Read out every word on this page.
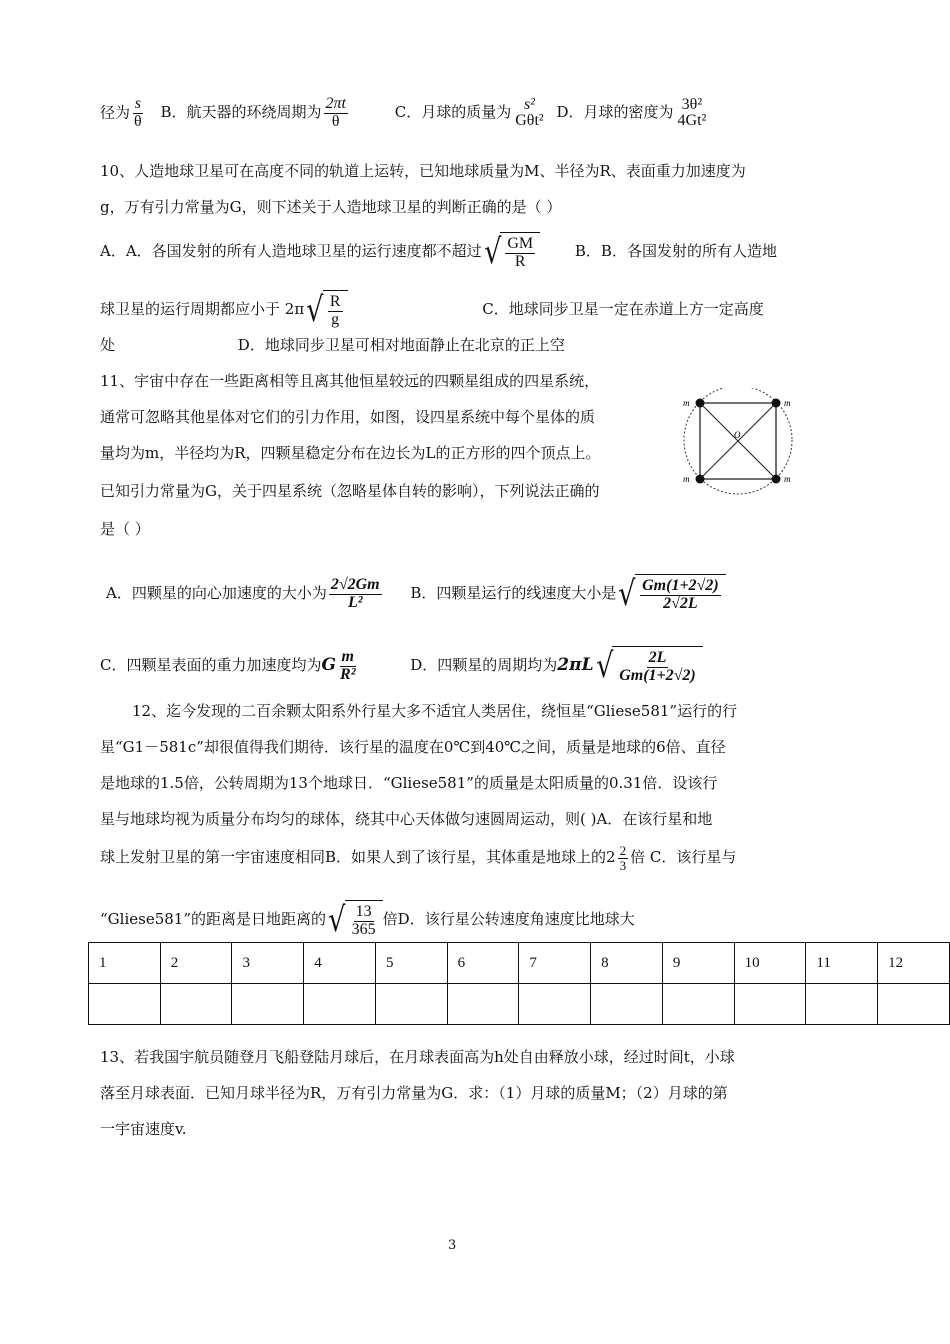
径为 $\frac{s}{\theta}$ B．航天器的环绕周期为 $\frac{2\pi t}{\theta}$	C．月球的质量为 s²
Gθt² D．月球的密度为 3θ²
4Gt²
10、人造地球卫星可在高度不同的轨道上运转，已知地球质量为M、半径为R、表面重力加速度为
g，万有引力常量为G，则下述关于人造地球卫星的判断正确的是（ ）
A．A．各国发射的所有人造地球卫星的运行速度都不超过 √ $\frac{GM}{R}$	B．B．各国发射的所有人造地
球卫星的运行周期都应小于 2π √ $\frac{R}{g}$	C．地球同步卫星一定在赤道上方一定高度
处	D．地球同步卫星可相对地面静止在北京的正上空
11、宇宙中存在一些距离相等且离其他恒星较远的四颗星组成的四星系统，
通常可忽略其他星体对它们的引力作用，如图，设四星系统中每个星体的质
量均为m，半径均为R，四颗星稳定分布在边长为L的正方形的四个顶点上。
已知引力常量为G，关于四星系统（忽略星体自转的影响），下列说法正确的
是（ ）
m	m
m	m
O
A．四颗星的向心加速度的大小为 $\frac{2√2Gm}{\text{L²}}$ B．四颗星运行的线速度大小是 √ $\frac{Gm(1+2√2)}{2√2L}$
C．四颗星表面的重力加速度均为G $\frac{m}{\text{R²}}$	D．四颗星的周期均为2πL √ $\frac{2L}{Gm(1+2√2)}$
12、迄今发现的二百余颗太阳系外行星大多不适宜人类居住，绕恒星“Gliese581”运行的行
星“G1－581c”却很值得我们期待．该行星的温度在0℃到40℃之间，质量是地球的6倍、直径
是地球的1.5倍，公转周期为13个地球日．“Gliese581”的质量是太阳质量的0.31倍．设该行
星与地球均视为质量分布均匀的球体，绕其中心天体做匀速圆周运动，则( )A．在该行星和地
球上发射卫星的第一宇宙速度相同B．如果人到了该行星，其体重是地球上的$2 \frac{2}{3}$ 倍 C．该行星与
“Gliese581”的距离是日地距离的 √ $\frac{13}{365}$ 倍D．该行星公转速度角速度比地球大
1	2	3	4	5	6	7	8	9	10	11	12

13、若我国宇航员随登月飞船登陆月球后，在月球表面高为h处自由释放小球，经过时间t，小球
落至月球表面．已知月球半径为R，万有引力常量为G．求：（1）月球的质量M；（2）月球的第
一宇宙速度v.
3
